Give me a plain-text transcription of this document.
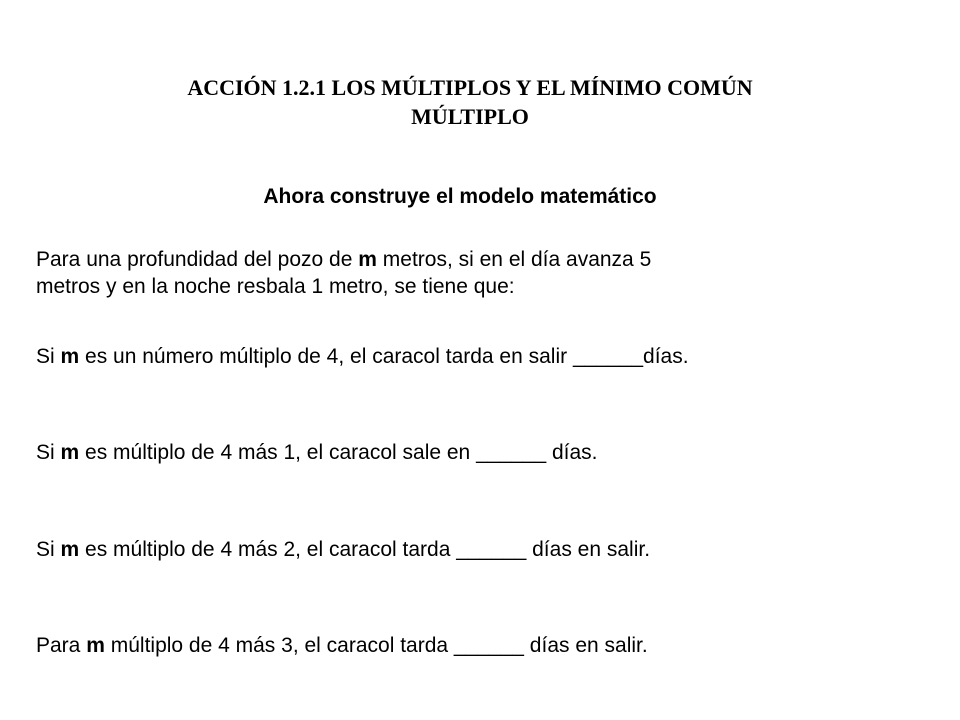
ACCIÓN 1.2.1 LOS MÚLTIPLOS Y EL MÍNIMO COMÚN
MÚLTIPLO
Ahora construye el modelo matemático
Para una profundidad del pozo de m metros, si en el día avanza 5
metros y en la noche resbala 1 metro, se tiene que:
Si m es un número múltiplo de 4, el caracol tarda en salir ______días.
Si m es múltiplo de 4 más 1, el caracol sale en ______ días.
Si m es múltiplo de 4 más 2, el caracol tarda ______ días en salir.
Para m múltiplo de 4 más 3, el caracol tarda ______ días en salir.
